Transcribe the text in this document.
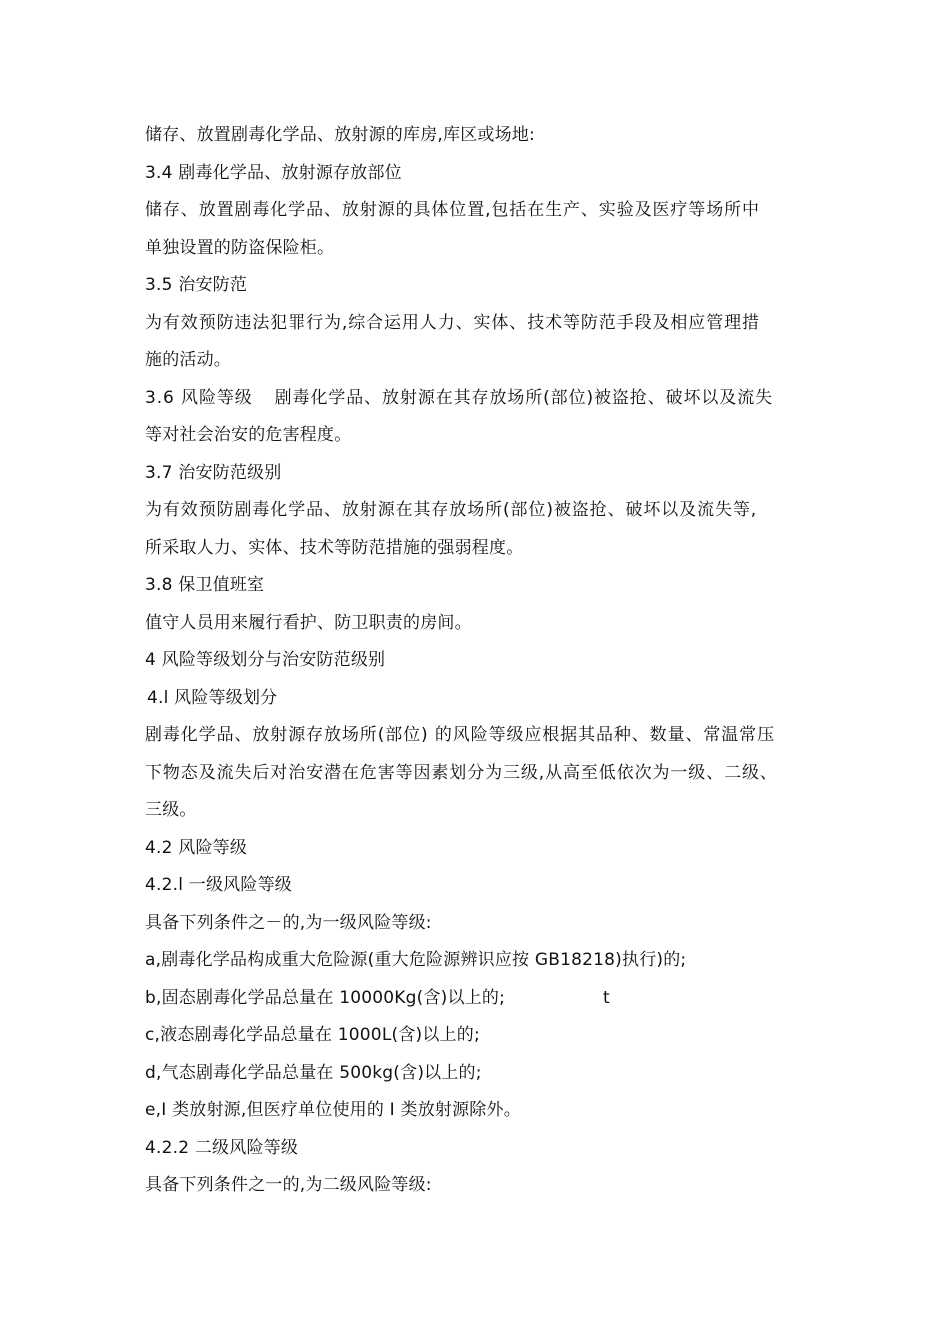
储存、放置剧毒化学品、放射源的库房,库区或场地:
3.4 剧毒化学品、放射源存放部位
储存、放置剧毒化学品、放射源的具体位置,包括在生产、实验及医疗等场所中
单独设置的防盗保险柜。
3.5 治安防范
为有效预防违法犯罪行为,综合运用人力、实体、技术等防范手段及相应管理措
施的活动。
3.6 风险等级 剧毒化学品、放射源在其存放场所(部位)被盗抢、破坏以及流失
等对社会治安的危害程度。
3.7 治安防范级别
为有效预防剧毒化学品、放射源在其存放场所(部位)被盗抢、破坏以及流失等,
所采取人力、实体、技术等防范措施的强弱程度。
3.8 保卫值班室
值守人员用来履行看护、防卫职责的房间。
4 风险等级划分与治安防范级别
4.l 风险等级划分
剧毒化学品、放射源存放场所(部位) 的风险等级应根据其品种、数量、常温常压
下物态及流失后对治安潜在危害等因素划分为三级,从高至低依次为一级、二级、
三级。
4.2 风险等级
4.2.l 一级风险等级
具备下列条件之－的,为一级风险等级:
a,剧毒化学品构成重大危险源(重大危险源辨识应按 GB18218)执行)的;
b,固态剧毒化学品总量在 10000Kg(含)以上的;	t
c,液态剧毒化学品总量在 1000L(含)以上的;
d,气态剧毒化学品总量在 500kg(含)以上的;
e,I 类放射源,但医疗单位使用的 I 类放射源除外。
4.2.2 二级风险等级
具备下列条件之一的,为二级风险等级:
